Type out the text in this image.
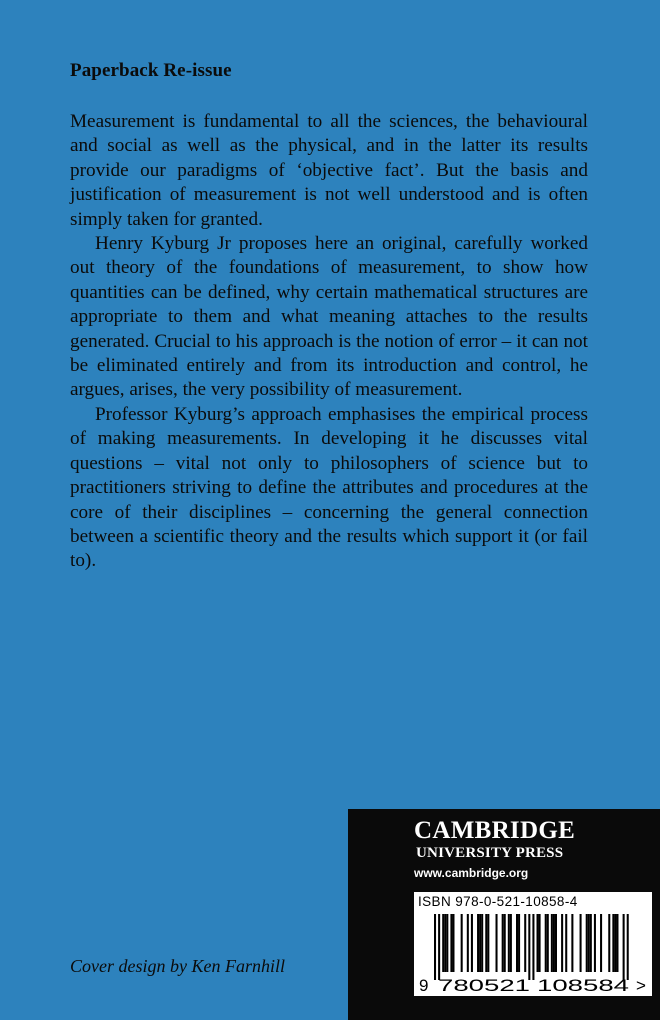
Paperback Re-issue

Measurement is fundamental to all the sciences, the behavioural and social as well as the physical, and in the latter its results provide our paradigms of ‘objective fact’. But the basis and justification of measurement is not well understood and is often simply taken for granted.

Henry Kyburg Jr proposes here an original, carefully worked out theory of the foundations of measurement, to show how quantities can be defined, why certain mathematical structures are appropriate to them and what meaning attaches to the results generated. Crucial to his approach is the notion of error – it can not be eliminated entirely and from its introduction and control, he argues, arises, the very possibility of measurement.

Professor Kyburg’s approach emphasises the empirical process of making measurements. In developing it he discusses vital questions – vital not only to philosophers of science but to practitioners striving to define the attributes and procedures at the core of their disciplines – concerning the general connection between a scientific theory and the results which support it (or fail to).

Cover design by Ken Farnhill

CAMBRIDGE

UNIVERSITY PRESS

www.cambridge.org

ISBN 978-0-521-10858-4

9 780521 108584 >
